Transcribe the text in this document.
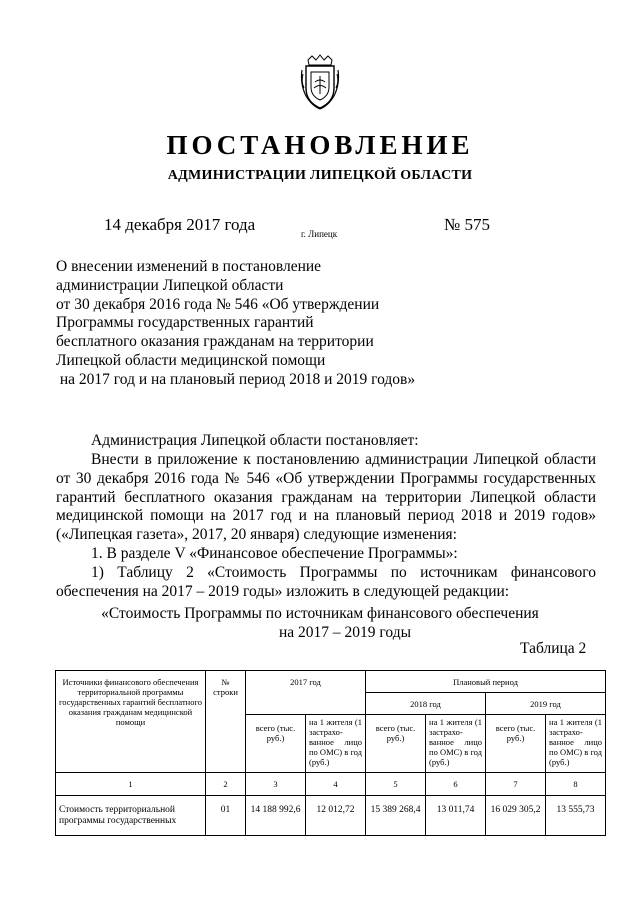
ПОСТАНОВЛЕНИЕ
АДМИНИСТРАЦИИ ЛИПЕЦКОЙ ОБЛАСТИ
14 декабря 2017 года	г. Липецк	№ 575
О внесении изменений в постановление
администрации Липецкой области
от 30 декабря 2016 года № 546 «Об утверждении
Программы государственных гарантий
бесплатного оказания гражданам на территории
Липецкой области медицинской помощи
на 2017 год и на плановый период 2018 и 2019 годов»
Администрация Липецкой области постановляет:
Внести в приложение к постановлению администрации Липецкой области от 30 декабря 2016 года № 546 «Об утверждении Программы государственных гарантий бесплатного оказания гражданам на территории Липецкой области медицинской помощи на 2017 год и на плановый период 2018 и 2019 годов» («Липецкая газета», 2017, 20 января) следующие изменения:
1. В разделе V «Финансовое обеспечение Программы»:
1) Таблицу 2 «Стоимость Программы по источникам финансового обеспечения на 2017 – 2019 годы» изложить в следующей редакции:
«Стоимость Программы по источникам финансового обеспечения
на 2017 – 2019 годы
Таблица 2
Источники финансового обеспечения территориальной программы государственных гарантий бесплатного оказания гражданам медицинской помощи	№ строки	2017 год		Плановый период			
				2018 год		2019 год	
		всего (тыс. руб.)	на 1 жителя (1 застрахо-ванное лицо по ОМС) в год (руб.)	всего (тыс. руб.)	на 1 жителя (1 застрахо-ванное лицо по ОМС) в год (руб.)	всего (тыс. руб.)	на 1 жителя (1 застрахо-ванное лицо по ОМС) в год (руб.)
1	2	3	4	5	6	7	8
Стоимость территориальной программы государственных	01	14 188 992,6	12 012,72	15 389 268,4	13 011,74	16 029 305,2	13 555,73
